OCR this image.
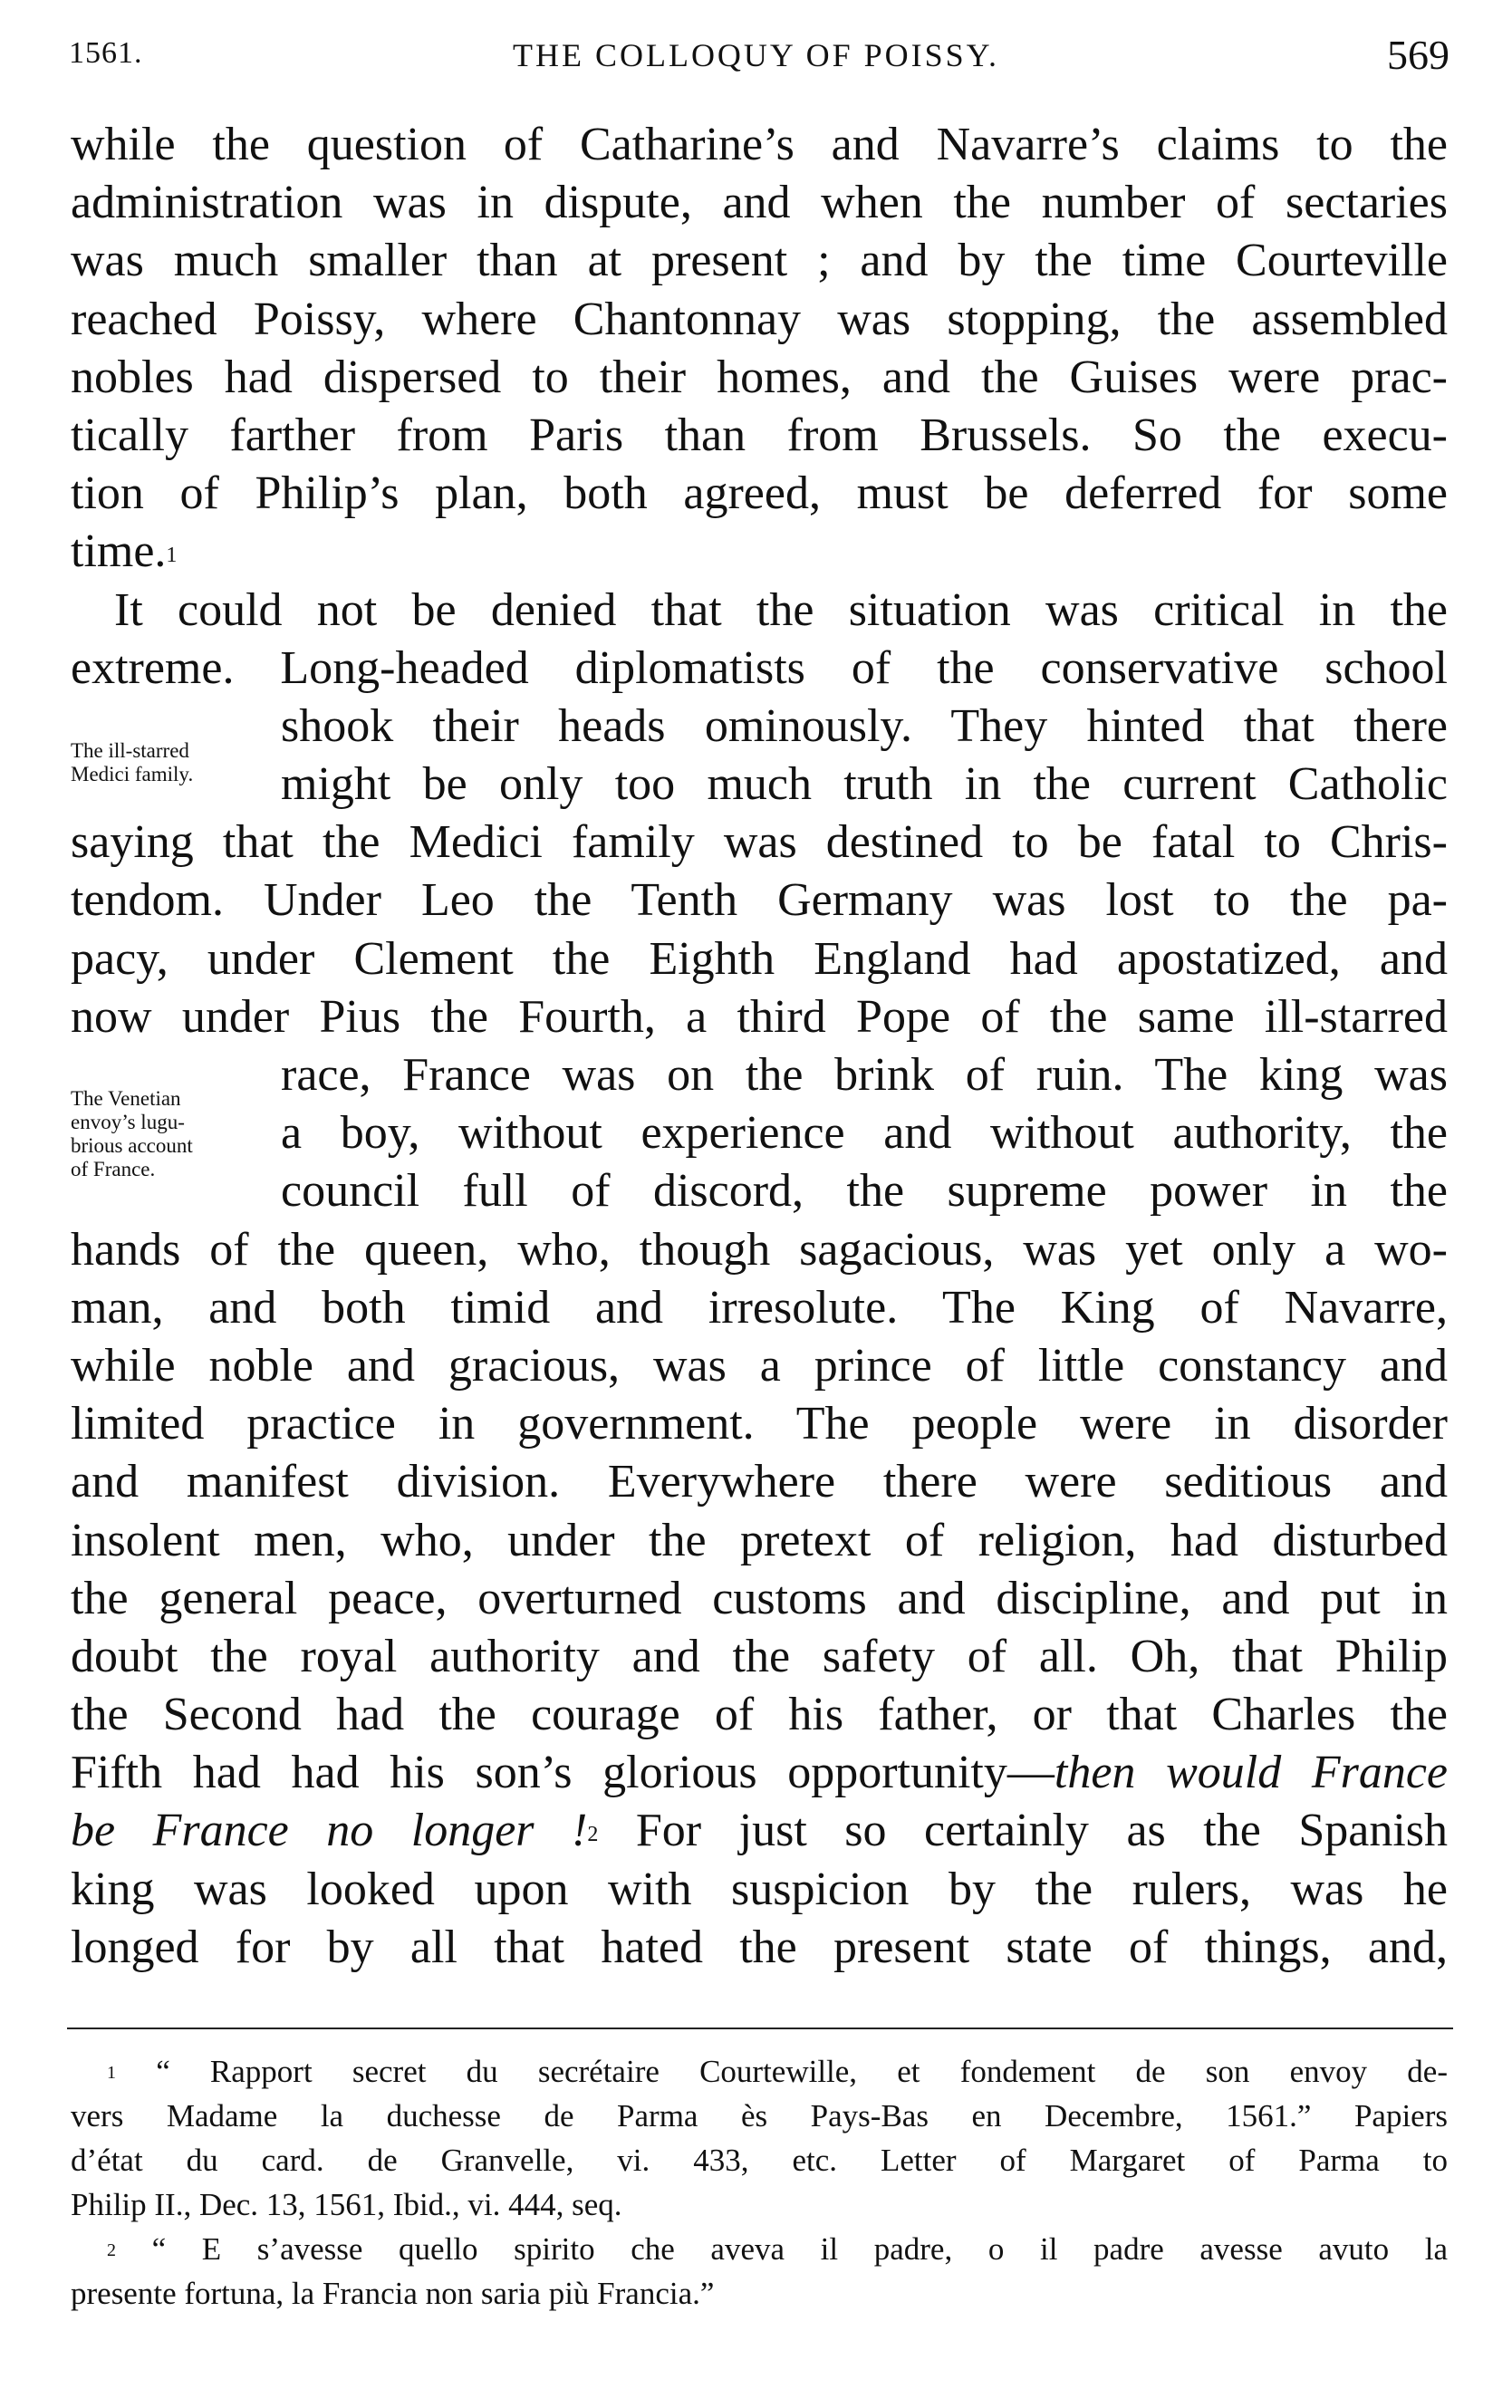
1561.	THE COLLOQUY OF POISSY.	569
while the question of Catharine’s and Navarre’s claims to the
administration was in dispute, and when the number of sectaries
was much smaller than at present ; and by the time Courteville
reached Poissy, where Chantonnay was stopping, the assembled
nobles had dispersed to their homes, and the Guises were prac-
tically farther from Paris than from Brussels. So the execu-
tion of Philip’s plan, both agreed, must be deferred for some
time.$^1$
It could not be denied that the situation was critical in the
extreme. Long-headed diplomatists of the conservative school
shook their heads ominously. They hinted that there
might be only too much truth in the current Catholic
saying that the Medici family was destined to be fatal to Chris-
tendom. Under Leo the Tenth Germany was lost to the pa-
pacy, under Clement the Eighth England had apostatized, and
now under Pius the Fourth, a third Pope of the same ill-starred
race, France was on the brink of ruin. The king was
a boy, without experience and without authority, the
council full of discord, the supreme power in the
hands of the queen, who, though sagacious, was yet only a wo-
man, and both timid and irresolute. The King of Navarre,
while noble and gracious, was a prince of little constancy and
limited practice in government. The people were in disorder
and manifest division. Everywhere there were seditious and
insolent men, who, under the pretext of religion, had disturbed
the general peace, overturned customs and discipline, and put in
doubt the royal authority and the safety of all. Oh, that Philip
the Second had the courage of his father, or that Charles the
Fifth had had his son’s glorious opportunity—then would France
be France no longer !$^2$ For just so certainly as the Spanish
king was looked upon with suspicion by the rulers, was he
longed for by all that hated the present state of things, and,
The ill-starred
Medici family.
The Venetian
envoy’s lugu-
brious account
of France.
$^1$ “ Rapport secret du secrétaire Courtewille, et fondement de son envoy de-
vers Madame la duchesse de Parma ès Pays-Bas en Decembre, 1561.” Papiers
d’état du card. de Granvelle, vi. 433, etc. Letter of Margaret of Parma to
Philip II., Dec. 13, 1561, Ibid., vi. 444, seq.
$^2$ “ E s’avesse quello spirito che aveva il padre, o il padre avesse avuto la
presente fortuna, la Francia non saria più Francia.”
